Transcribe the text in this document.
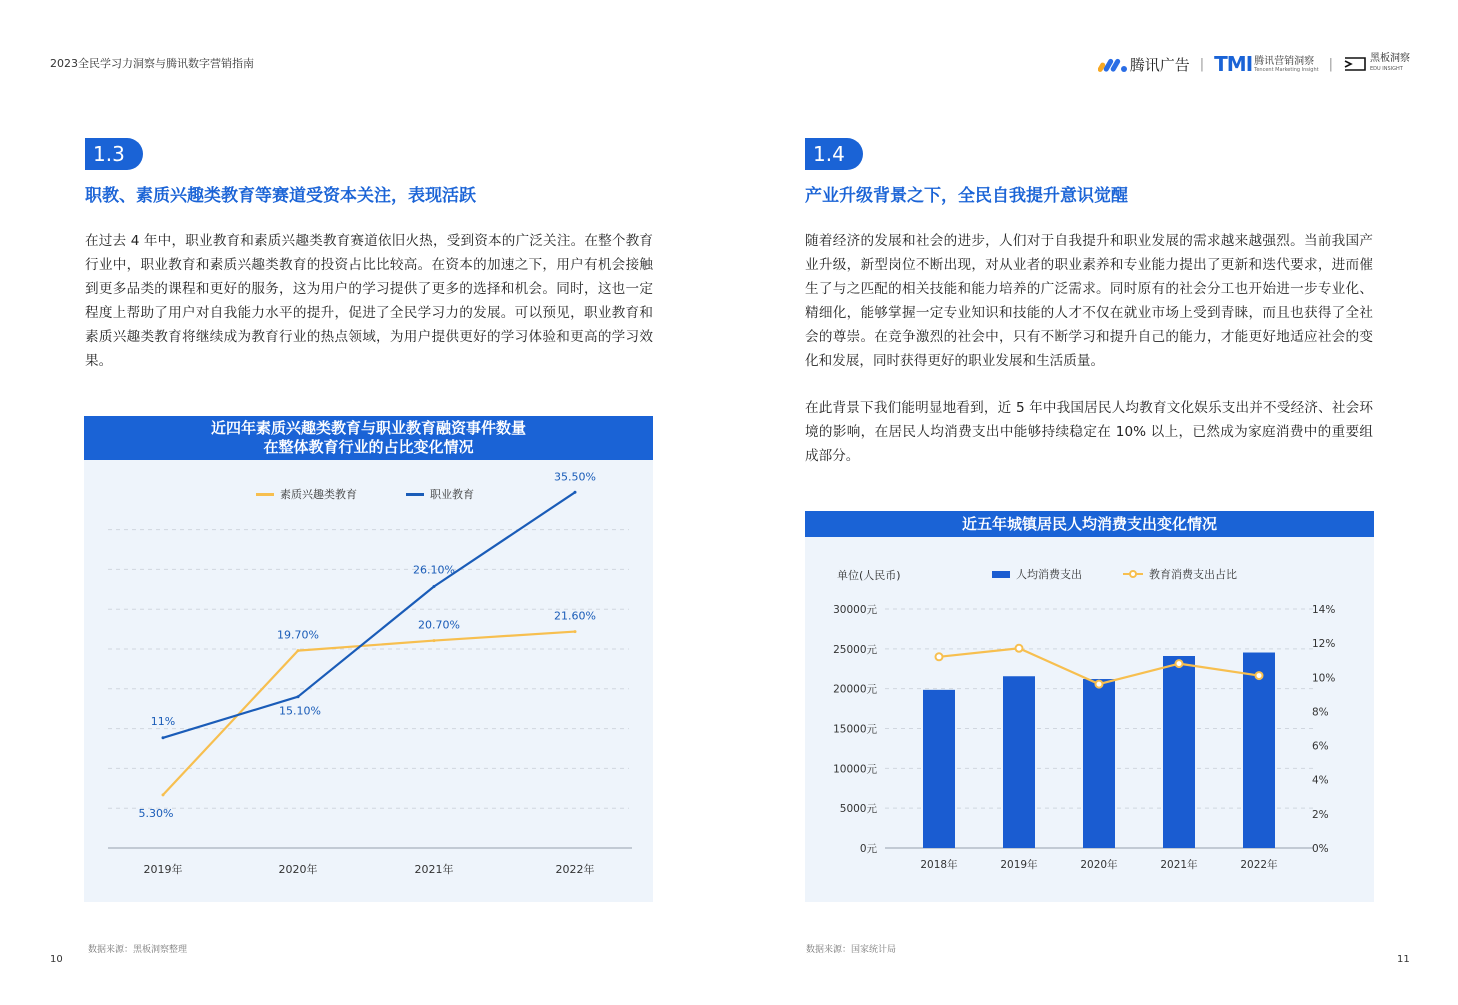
2023全民学习力洞察与腾讯数字营销指南	腾讯广告 | TMI 腾讯营销洞察
Tencent Marketing Insight |	黑板洞察
EDU INSIGHT
1.3
职教、素质兴趣类教育等赛道受资本关注，表现活跃
在过去 4 年中，职业教育和素质兴趣类教育赛道依旧火热，受到资本的广泛关注。在整个教育行业中，职业教育和素质兴趣类教育的投资占比比较高。在资本的加速之下，用户有机会接触到更多品类的课程和更好的服务，这为用户的学习提供了更多的选择和机会。同时，这也一定程度上帮助了用户对自我能力水平的提升，促进了全民学习力的发展。可以预见，职业教育和素质兴趣类教育将继续成为教育行业的热点领域，为用户提供更好的学习体验和更高的学习效果。
近四年素质兴趣类教育与职业教育融资事件数量
在整体教育行业的占比变化情况
素质兴趣类教育	职业教育
2019年	2020年	2021年	2022年
5.30%
19.70%
20.70%
21.60%
11%
15.10%
26.10%
35.50%
数据来源：黑板洞察整理
10
1.4
产业升级背景之下，全民自我提升意识觉醒
随着经济的发展和社会的进步，人们对于自我提升和职业发展的需求越来越强烈。当前我国产业升级，新型岗位不断出现，对从业者的职业素养和专业能力提出了更新和迭代要求，进而催生了与之匹配的相关技能和能力培养的广泛需求。同时原有的社会分工也开始进一步专业化、精细化，能够掌握一定专业知识和技能的人才不仅在就业市场上受到青睐，而且也获得了全社会的尊崇。在竞争激烈的社会中，只有不断学习和提升自己的能力，才能更好地适应社会的变化和发展，同时获得更好的职业发展和生活质量。
在此背景下我们能明显地看到，近 5 年中我国居民人均教育文化娱乐支出并不受经济、社会环境的影响，在居民人均消费支出中能够持续稳定在 10% 以上，已然成为家庭消费中的重要组成部分。
近五年城镇居民人均消费支出变化情况
单位(人民币)	人均消费支出	教育消费支出占比
0元
5000元
10000元
15000元
20000元
25000元
30000元
0%
2%
4%
6%
8%
10%
12%
14%
2018年	2019年	2020年	2021年	2022年
数据来源：国家统计局
11
